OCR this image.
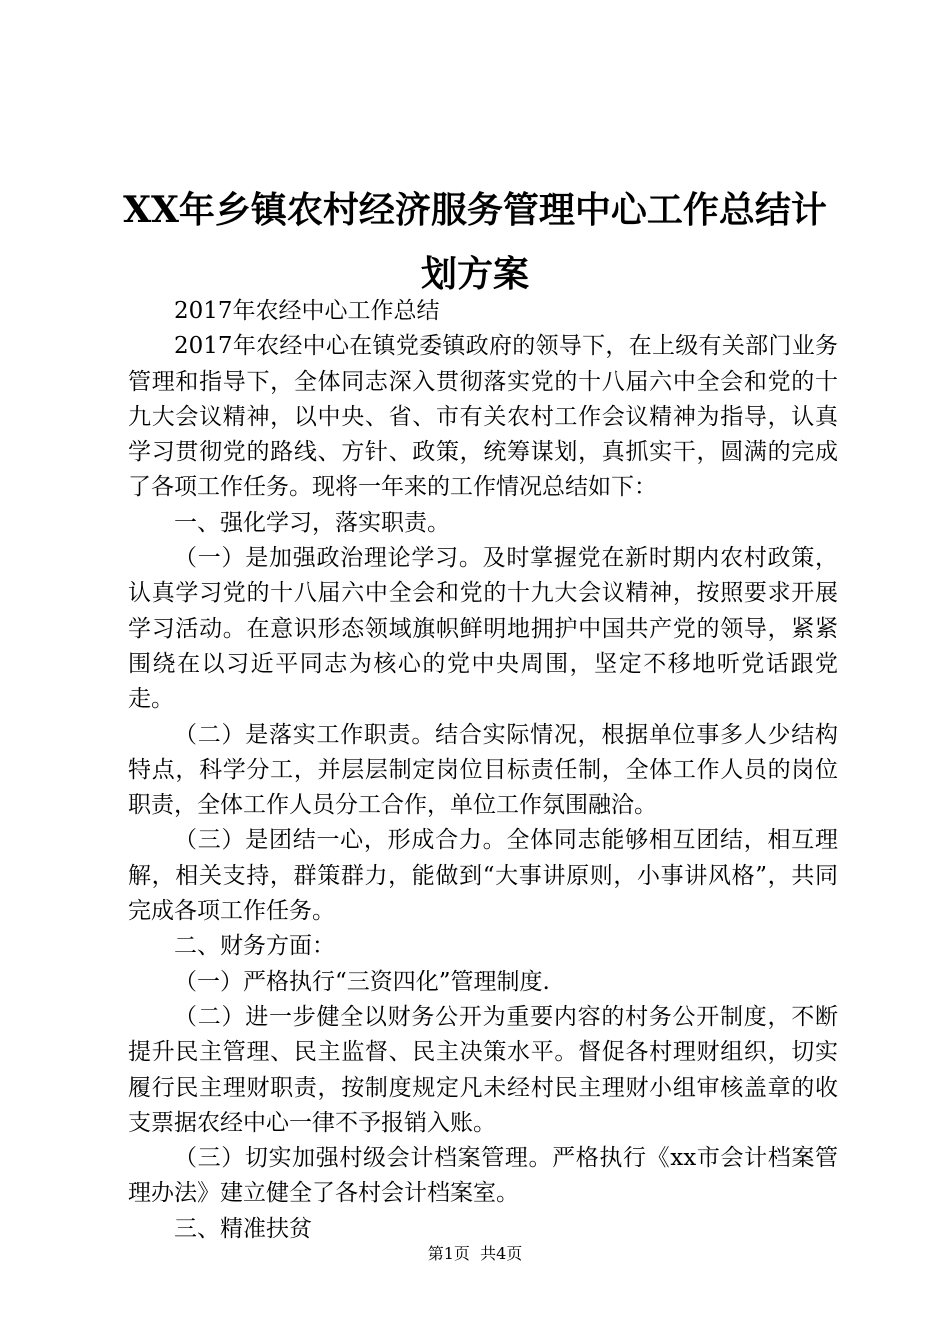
XX年乡镇农村经济服务管理中心工作总结计
划方案

2017年农经中心工作总结

2017年农经中心在镇党委镇政府的领导下，在上级有关部门业务管理和指导下，全体同志深入贯彻落实党的十八届六中全会和党的十九大会议精神，以中央、省、市有关农村工作会议精神为指导，认真学习贯彻党的路线、方针、政策，统筹谋划，真抓实干，圆满的完成了各项工作任务。现将一年来的工作情况总结如下：

一、强化学习，落实职责。

（一）是加强政治理论学习。及时掌握党在新时期内农村政策，认真学习党的十八届六中全会和党的十九大会议精神，按照要求开展学习活动。在意识形态领域旗帜鲜明地拥护中国共产党的领导，紧紧围绕在以习近平同志为核心的党中央周围，坚定不移地听党话跟党走。

（二）是落实工作职责。结合实际情况，根据单位事多人少结构特点，科学分工，并层层制定岗位目标责任制，全体工作人员的岗位职责，全体工作人员分工合作，单位工作氛围融洽。

（三）是团结一心，形成合力。全体同志能够相互团结，相互理解，相关支持，群策群力，能做到“大事讲原则，小事讲风格”，共同完成各项工作任务。

二、财务方面：

（一）严格执行“三资四化”管理制度.

（二）进一步健全以财务公开为重要内容的村务公开制度，不断提升民主管理、民主监督、民主决策水平。督促各村理财组织，切实履行民主理财职责，按制度规定凡未经村民主理财小组审核盖章的收支票据农经中心一律不予报销入账。

（三）切实加强村级会计档案管理。严格执行《xx市会计档案管理办法》建立健全了各村会计档案室。

三、精准扶贫

第1页 共4页
